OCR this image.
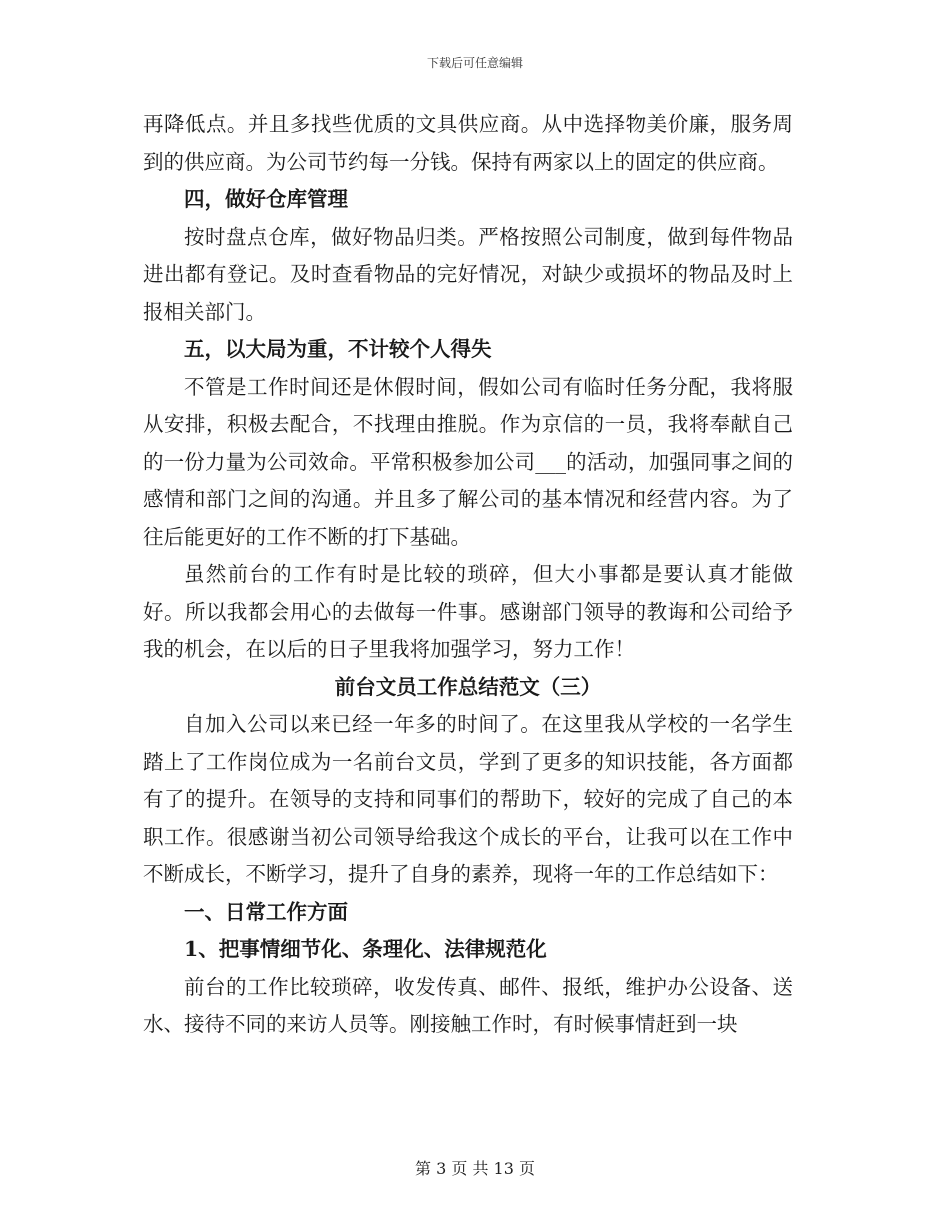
下载后可任意编辑

再降低点。并且多找些优质的文具供应商。从中选择物美价廉，服务周到的供应商。为公司节约每一分钱。保持有两家以上的固定的供应商。

四，做好仓库管理

按时盘点仓库，做好物品归类。严格按照公司制度，做到每件物品进出都有登记。及时查看物品的完好情况，对缺少或损坏的物品及时上报相关部门。

五，以大局为重，不计较个人得失

不管是工作时间还是休假时间，假如公司有临时任务分配，我将服从安排，积极去配合，不找理由推脱。作为京信的一员，我将奉献自己的一份力量为公司效命。平常积极参加公司___的活动，加强同事之间的感情和部门之间的沟通。并且多了解公司的基本情况和经营内容。为了往后能更好的工作不断的打下基础。

虽然前台的工作有时是比较的琐碎，但大小事都是要认真才能做好。所以我都会用心的去做每一件事。感谢部门领导的教诲和公司给予我的机会，在以后的日子里我将加强学习，努力工作！

前台文员工作总结范文（三）

自加入公司以来已经一年多的时间了。在这里我从学校的一名学生踏上了工作岗位成为一名前台文员，学到了更多的知识技能，各方面都有了的提升。在领导的支持和同事们的帮助下，较好的完成了自己的本职工作。很感谢当初公司领导给我这个成长的平台，让我可以在工作中不断成长，不断学习，提升了自身的素养，现将一年的工作总结如下：

一、日常工作方面

1、把事情细节化、条理化、法律规范化

前台的工作比较琐碎，收发传真、邮件、报纸，维护办公设备、送水、接待不同的来访人员等。刚接触工作时，有时候事情赶到一块

第 3 页 共 13 页
